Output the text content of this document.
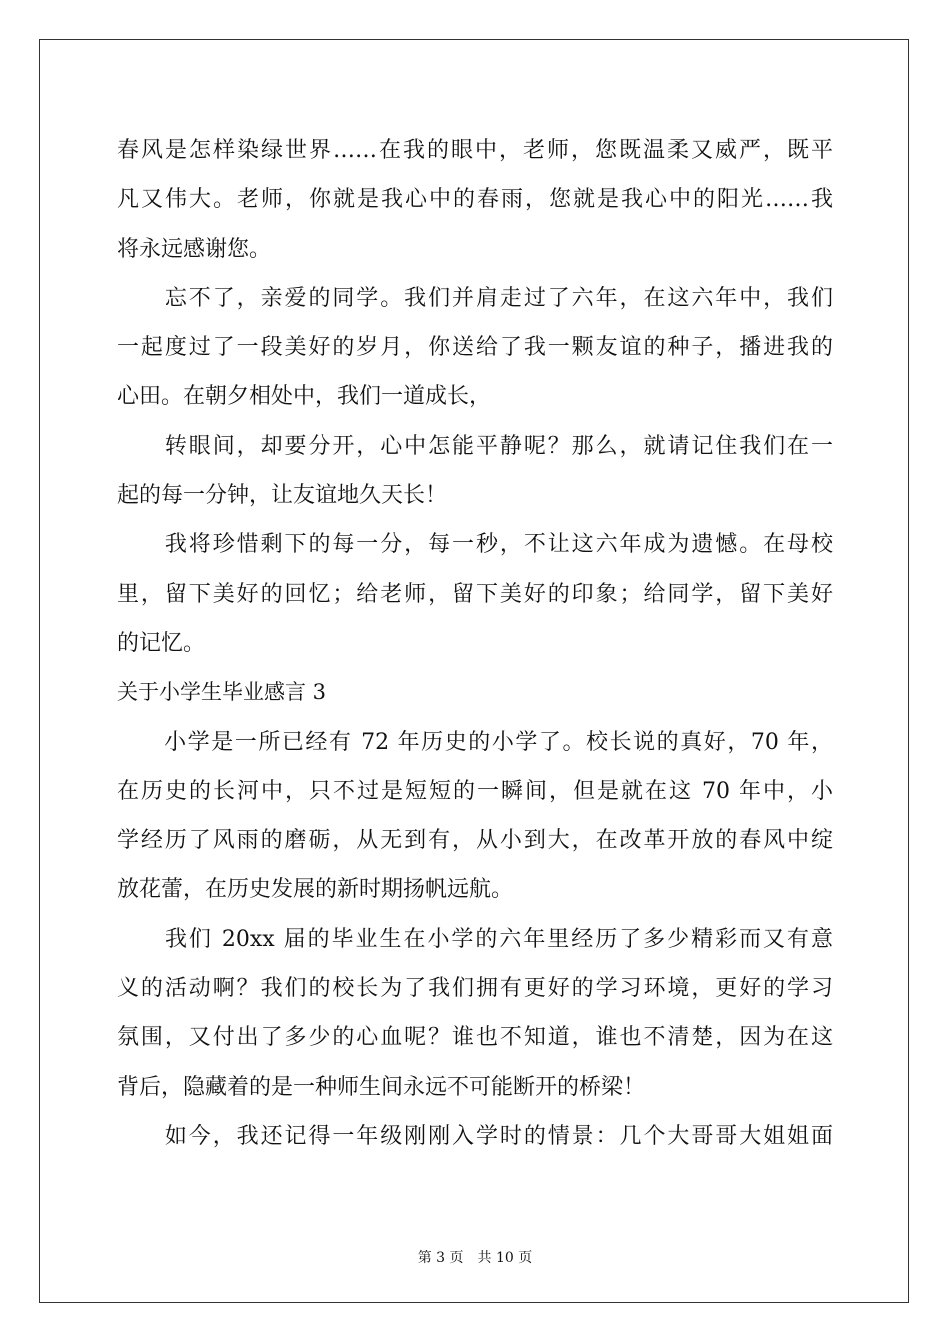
春风是怎样染绿世界……在我的眼中，老师，您既温柔又威严，既平
凡又伟大。老师，你就是我心中的春雨，您就是我心中的阳光……我
将永远感谢您。
　　忘不了，亲爱的同学。我们并肩走过了六年，在这六年中，我们
一起度过了一段美好的岁月，你送给了我一颗友谊的种子，播进我的
心田。在朝夕相处中，我们一道成长，
　　转眼间，却要分开，心中怎能平静呢？那么，就请记住我们在一
起的每一分钟，让友谊地久天长！
　　我将珍惜剩下的每一分，每一秒，不让这六年成为遗憾。在母校
里，留下美好的回忆；给老师，留下美好的印象；给同学，留下美好
的记忆。
关于小学生毕业感言 3
　　小学是一所已经有 72 年历史的小学了。校长说的真好，70 年，
在历史的长河中，只不过是短短的一瞬间，但是就在这 70 年中，小
学经历了风雨的磨砺，从无到有，从小到大，在改革开放的春风中绽
放花蕾，在历史发展的新时期扬帆远航。
　　我们 20xx 届的毕业生在小学的六年里经历了多少精彩而又有意
义的活动啊？我们的校长为了我们拥有更好的学习环境，更好的学习
氛围，又付出了多少的心血呢？谁也不知道，谁也不清楚，因为在这
背后，隐藏着的是一种师生间永远不可能断开的桥梁！
　　如今，我还记得一年级刚刚入学时的情景：几个大哥哥大姐姐面
第 3 页　共 10 页
